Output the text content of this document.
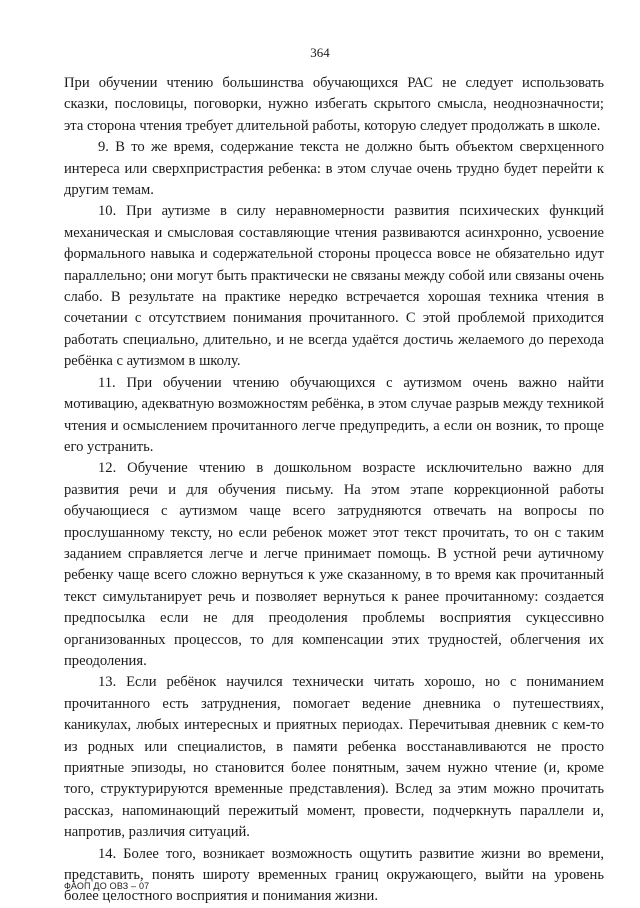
364

При обучении чтению большинства обучающихся РАС не следует использовать сказки, пословицы, поговорки, нужно избегать скрытого смысла, неоднозначности; эта сторона чтения требует длительной работы, которую следует продолжать в школе.

9. В то же время, содержание текста не должно быть объектом сверхценного интереса или сверхпристрастия ребенка: в этом случае очень трудно будет перейти к другим темам.

10. При аутизме в силу неравномерности развития психических функций механическая и смысловая составляющие чтения развиваются асинхронно, усвоение формального навыка и содержательной стороны процесса вовсе не обязательно идут параллельно; они могут быть практически не связаны между собой или связаны очень слабо. В результате на практике нередко встречается хорошая техника чтения в сочетании с отсутствием понимания прочитанного. С этой проблемой приходится работать специально, длительно, и не всегда удаётся достичь желаемого до перехода ребёнка с аутизмом в школу.

11. При обучении чтению обучающихся с аутизмом очень важно найти мотивацию, адекватную возможностям ребёнка, в этом случае разрыв между техникой чтения и осмыслением прочитанного легче предупредить, а если он возник, то проще его устранить.

12. Обучение чтению в дошкольном возрасте исключительно важно для развития речи и для обучения письму. На этом этапе коррекционной работы обучающиеся с аутизмом чаще всего затрудняются отвечать на вопросы по прослушанному тексту, но если ребенок может этот текст прочитать, то он с таким заданием справляется легче и легче принимает помощь. В устной речи аутичному ребенку чаще всего сложно вернуться к уже сказанному, в то время как прочитанный текст симультанирует речь и позволяет вернуться к ранее прочитанному: создается предпосылка если не для преодоления проблемы восприятия сукцессивно организованных процессов, то для компенсации этих трудностей, облегчения их преодоления.

13. Если ребёнок научился технически читать хорошо, но с пониманием прочитанного есть затруднения, помогает ведение дневника о путешествиях, каникулах, любых интересных и приятных периодах. Перечитывая дневник с кем-то из родных или специалистов, в памяти ребенка восстанавливаются не просто приятные эпизоды, но становится более понятным, зачем нужно чтение (и, кроме того, структурируются временные представления). Вслед за этим можно прочитать рассказ, напоминающий пережитый момент, провести, подчеркнуть параллели и, напротив, различия ситуаций.

14. Более того, возникает возможность ощутить развитие жизни во времени, представить, понять широту временных границ окружающего, выйти на уровень более целостного восприятия и понимания жизни.

ФАОП ДО ОВЗ – 07
